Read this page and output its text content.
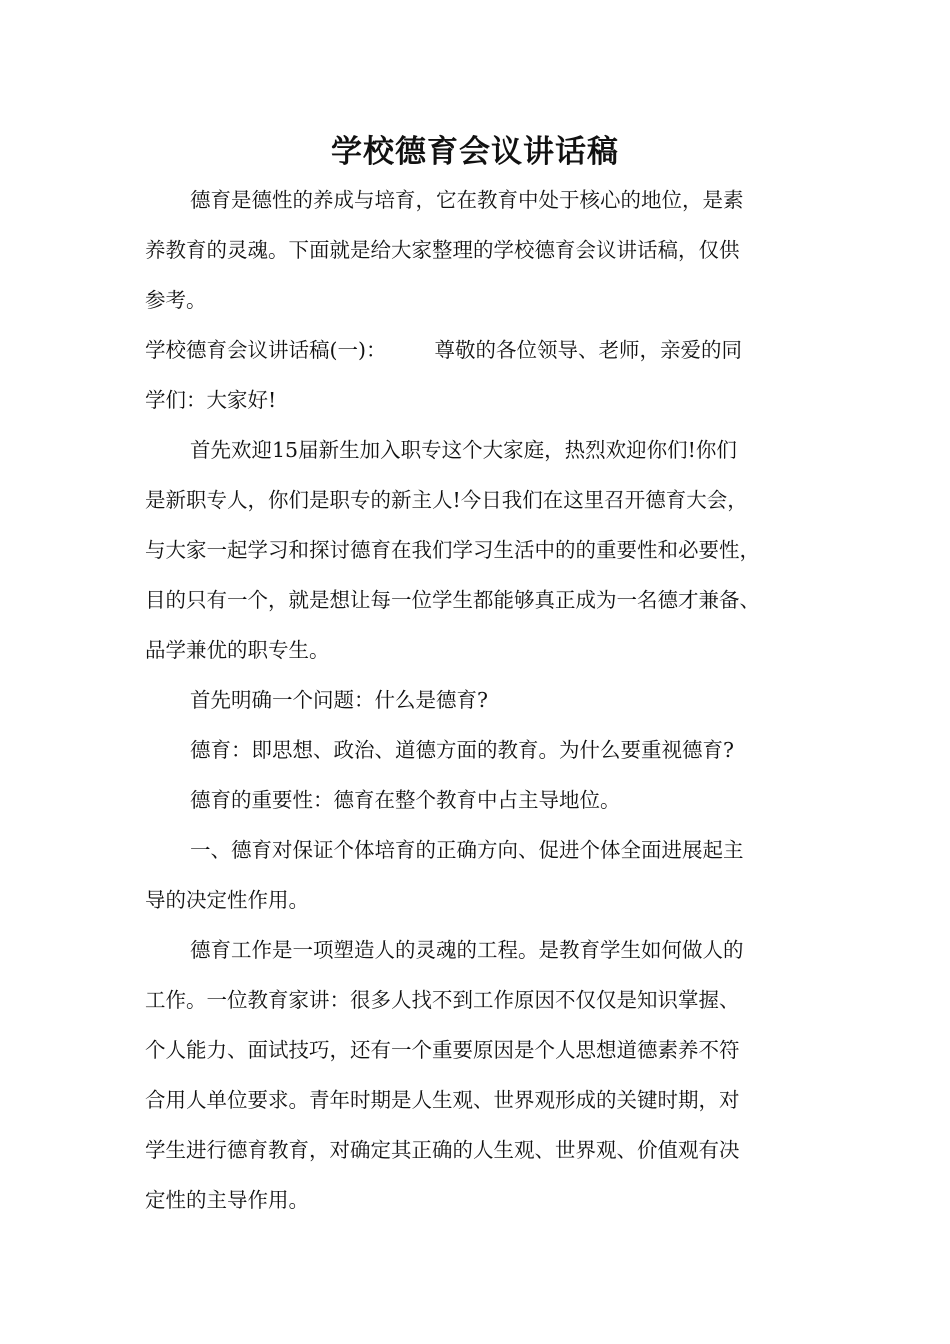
学校德育会议讲话稿

德育是德性的养成与培育，它在教育中处于核心的地位，是素

养教育的灵魂。下面就是给大家整理的学校德育会议讲话稿，仅供

参考。

学校德育会议讲话稿(一)： 尊敬的各位领导、老师，亲爱的同

学们：大家好!

首先欢迎15届新生加入职专这个大家庭，热烈欢迎你们!你们

是新职专人，你们是职专的新主人!今日我们在这里召开德育大会，

与大家一起学习和探讨德育在我们学习生活中的的重要性和必要性，

目的只有一个，就是想让每一位学生都能够真正成为一名德才兼备、

品学兼优的职专生。

首先明确一个问题：什么是德育?

德育：即思想、政治、道德方面的教育。为什么要重视德育?

德育的重要性：德育在整个教育中占主导地位。

一、德育对保证个体培育的正确方向、促进个体全面进展起主

导的决定性作用。

德育工作是一项塑造人的灵魂的工程。是教育学生如何做人的

工作。一位教育家讲：很多人找不到工作原因不仅仅是知识掌握、

个人能力、面试技巧，还有一个重要原因是个人思想道德素养不符

合用人单位要求。青年时期是人生观、世界观形成的关键时期，对

学生进行德育教育，对确定其正确的人生观、世界观、价值观有决

定性的主导作用。
